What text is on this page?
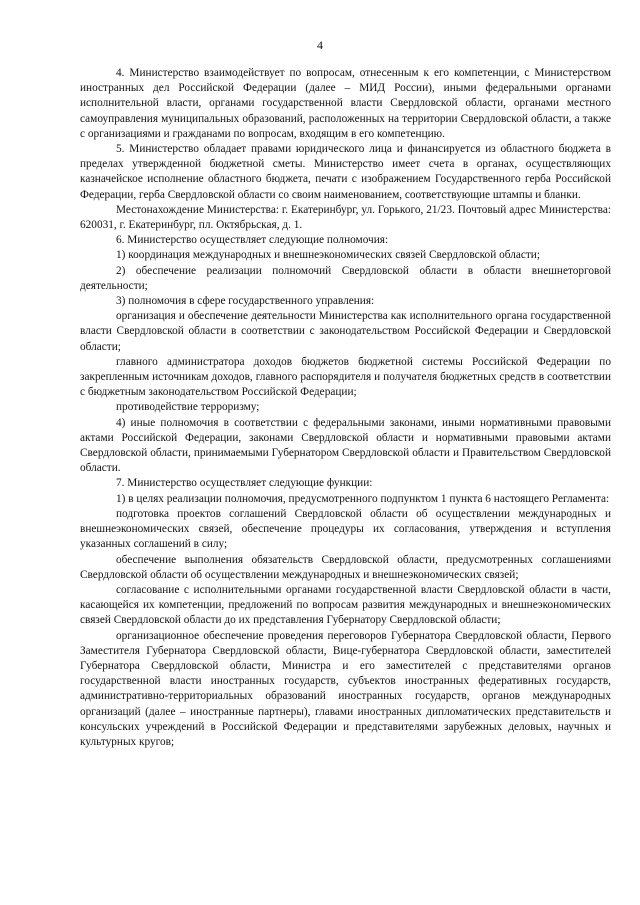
4

4. Министерство взаимодействует по вопросам, отнесенным к его компетенции, с Министерством иностранных дел Российской Федерации (далее – МИД России), иными федеральными органами исполнительной власти, органами государственной власти Свердловской области, органами местного самоуправления муниципальных образований, расположенных на территории Свердловской области, а также с организациями и гражданами по вопросам, входящим в его компетенцию.

5. Министерство обладает правами юридического лица и финансируется из областного бюджета в пределах утвержденной бюджетной сметы. Министерство имеет счета в органах, осуществляющих казначейское исполнение областного бюджета, печати с изображением Государственного герба Российской Федерации, герба Свердловской области со своим наименованием, соответствующие штампы и бланки.

Местонахождение Министерства: г. Екатеринбург, ул. Горького, 21/23. Почтовый адрес Министерства: 620031, г. Екатеринбург, пл. Октябрьская, д. 1.

6. Министерство осуществляет следующие полномочия:

1) координация международных и внешнеэкономических связей Свердловской области;

2) обеспечение реализации полномочий Свердловской области в области внешнеторговой деятельности;

3) полномочия в сфере государственного управления:

организация и обеспечение деятельности Министерства как исполнительного органа государственной власти Свердловской области в соответствии с законодательством Российской Федерации и Свердловской области;

главного администратора доходов бюджетов бюджетной системы Российской Федерации по закрепленным источникам доходов, главного распорядителя и получателя бюджетных средств в соответствии с бюджетным законодательством Российской Федерации;

противодействие терроризму;

4) иные полномочия в соответствии с федеральными законами, иными нормативными правовыми актами Российской Федерации, законами Свердловской области и нормативными правовыми актами Свердловской области, принимаемыми Губернатором Свердловской области и Правительством Свердловской области.

7. Министерство осуществляет следующие функции:

1) в целях реализации полномочия, предусмотренного подпунктом 1 пункта 6 настоящего Регламента:

подготовка проектов соглашений Свердловской области об осуществлении международных и внешнеэкономических связей, обеспечение процедуры их согласования, утверждения и вступления указанных соглашений в силу;

обеспечение выполнения обязательств Свердловской области, предусмотренных соглашениями Свердловской области об осуществлении международных и внешнеэкономических связей;

согласование с исполнительными органами государственной власти Свердловской области в части, касающейся их компетенции, предложений по вопросам развития международных и внешнеэкономических связей Свердловской области до их представления Губернатору Свердловской области;

организационное обеспечение проведения переговоров Губернатора Свердловской области, Первого Заместителя Губернатора Свердловской области, Вице-губернатора Свердловской области, заместителей Губернатора Свердловской области, Министра и его заместителей с представителями органов государственной власти иностранных государств, субъектов иностранных федеративных государств, административно-территориальных образований иностранных государств, органов международных организаций (далее – иностранные партнеры), главами иностранных дипломатических представительств и консульских учреждений в Российской Федерации и представителями зарубежных деловых, научных и культурных кругов;
